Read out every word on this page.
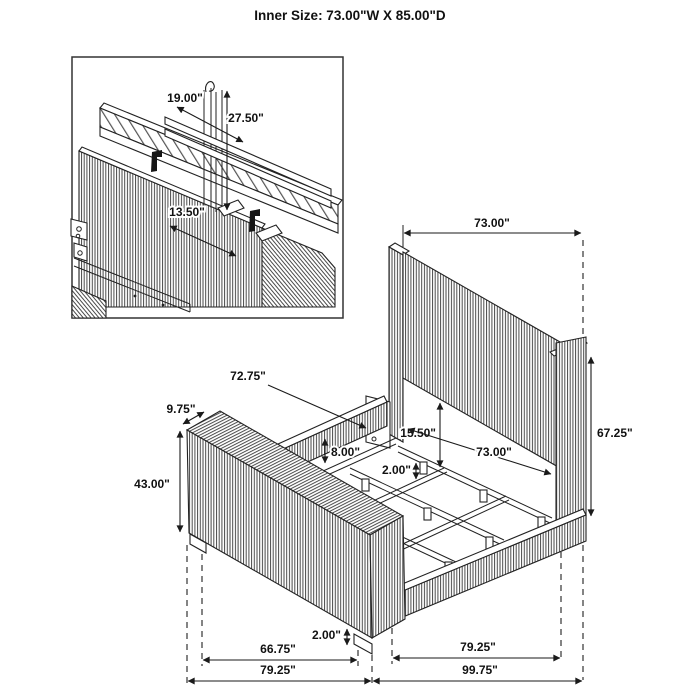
Inner Size: 73.00"W X 85.00"D
19.00"
27.50"
13.50"
73.00"
72.75"
9.75"
43.00"
8.00"
15.50"
2.00"
73.00"
67.25"
2.00"
66.75"
79.25"
79.25"
99.75"
